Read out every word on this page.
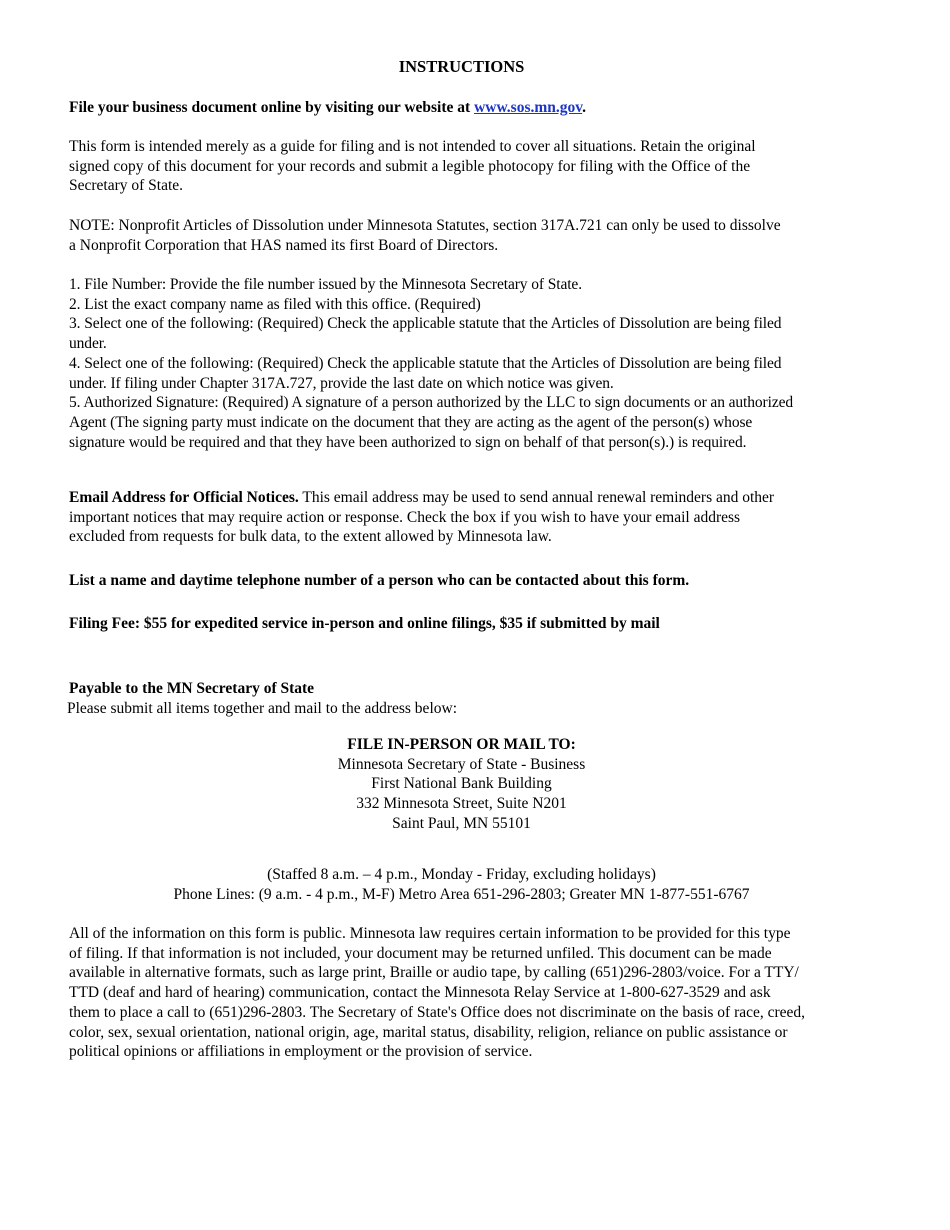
INSTRUCTIONS
File your business document online by visiting our website at www.sos.mn.gov.
This form is intended merely as a guide for filing and is not intended to cover all situations. Retain the original
signed copy of this document for your records and submit a legible photocopy for filing with the Office of the
Secretary of State.
NOTE: Nonprofit Articles of Dissolution under Minnesota Statutes, section 317A.721 can only be used to dissolve
a Nonprofit Corporation that HAS named its first Board of Directors.
1. File Number: Provide the file number issued by the Minnesota Secretary of State.
2. List the exact company name as filed with this office. (Required)
3. Select one of the following: (Required) Check the applicable statute that the Articles of Dissolution are being filed
under.
4. Select one of the following: (Required) Check the applicable statute that the Articles of Dissolution are being filed
under. If filing under Chapter 317A.727, provide the last date on which notice was given.
5. Authorized Signature: (Required) A signature of a person authorized by the LLC to sign documents or an authorized
Agent (The signing party must indicate on the document that they are acting as the agent of the person(s) whose
signature would be required and that they have been authorized to sign on behalf of that person(s).) is required.
Email Address for Official Notices. This email address may be used to send annual renewal reminders and other
important notices that may require action or response. Check the box if you wish to have your email address
excluded from requests for bulk data, to the extent allowed by Minnesota law.
List a name and daytime telephone number of a person who can be contacted about this form.
Filing Fee: $55 for expedited service in-person and online filings, $35 if submitted by mail
Payable to the MN Secretary of State
Please submit all items together and mail to the address below:
FILE IN-PERSON OR MAIL TO:
Minnesota Secretary of State - Business
First National Bank Building
332 Minnesota Street, Suite N201
Saint Paul, MN 55101
(Staffed 8 a.m. – 4 p.m., Monday - Friday, excluding holidays)
Phone Lines: (9 a.m. - 4 p.m., M-F) Metro Area 651-296-2803; Greater MN 1-877-551-6767
All of the information on this form is public. Minnesota law requires certain information to be provided for this type
of filing. If that information is not included, your document may be returned unfiled. This document can be made
available in alternative formats, such as large print, Braille or audio tape, by calling (651)296-2803/voice. For a TTY/
TTD (deaf and hard of hearing) communication, contact the Minnesota Relay Service at 1-800-627-3529 and ask
them to place a call to (651)296-2803. The Secretary of State's Office does not discriminate on the basis of race, creed,
color, sex, sexual orientation, national origin, age, marital status, disability, religion, reliance on public assistance or
political opinions or affiliations in employment or the provision of service.
